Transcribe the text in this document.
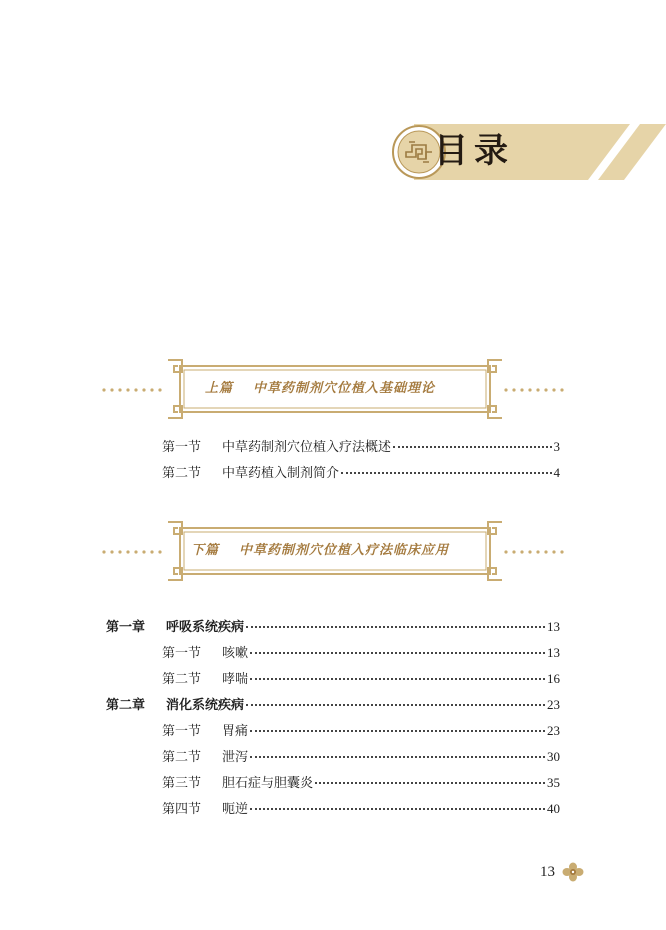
目录
上篇 中草药制剂穴位植入基础理论
第一节 中草药制剂穴位植入疗法概述	3
第二节 中草药植入制剂简介	4
下篇 中草药制剂穴位植入疗法临床应用
第一章 呼吸系统疾病	13
第一节 咳嗽	13
第二节 哮喘	16
第二章 消化系统疾病	23
第一节 胃痛	23
第二节 泄泻	30
第三节 胆石症与胆囊炎	35
第四节 呃逆	40
13
